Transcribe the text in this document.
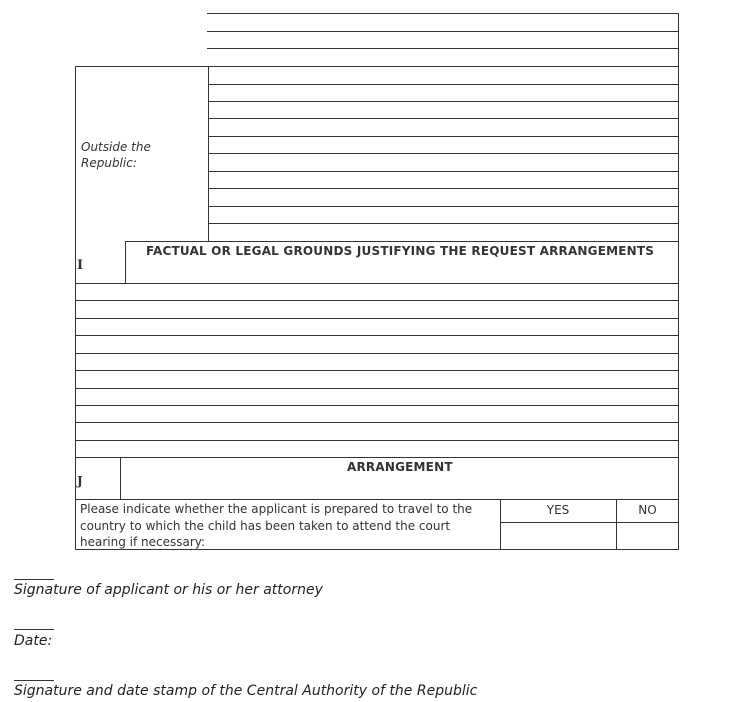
Outside the Republic:
I
FACTUAL OR LEGAL GROUNDS JUSTIFYING THE REQUEST ARRANGEMENTS
J
ARRANGEMENT
Please indicate whether the applicant is prepared to travel to the country to which the child has been taken to attend the court hearing if necessary:
YES	NO
Signature of applicant or his or her attorney
Date:
Signature and date stamp of the Central Authority of the Republic
